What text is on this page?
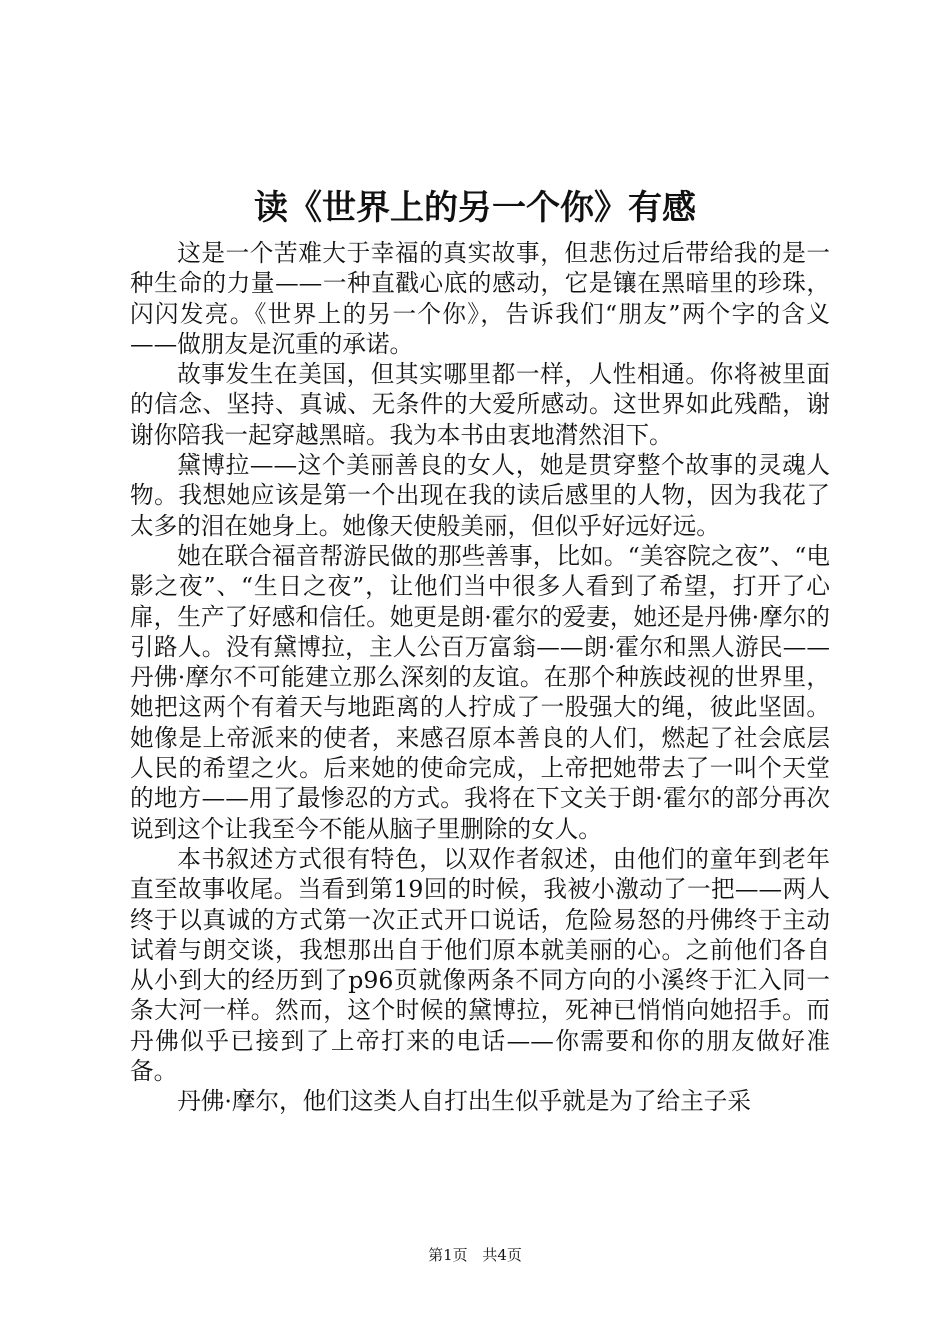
读《世界上的另一个你》有感

这是一个苦难大于幸福的真实故事，但悲伤过后带给我的是一种生命的力量——一种直戳心底的感动，它是镶在黑暗里的珍珠，闪闪发亮。《世界上的另一个你》，告诉我们“朋友”两个字的含义——做朋友是沉重的承诺。

故事发生在美国，但其实哪里都一样，人性相通。你将被里面的信念、坚持、真诚、无条件的大爱所感动。这世界如此残酷，谢谢你陪我一起穿越黑暗。我为本书由衷地潸然泪下。

黛博拉——这个美丽善良的女人，她是贯穿整个故事的灵魂人物。我想她应该是第一个出现在我的读后感里的人物，因为我花了太多的泪在她身上。她像天使般美丽，但似乎好远好远。

她在联合福音帮游民做的那些善事，比如。“美容院之夜”、“电影之夜”、“生日之夜”，让他们当中很多人看到了希望，打开了心扉，生产了好感和信任。她更是朗·霍尔的爱妻，她还是丹佛·摩尔的引路人。没有黛博拉，主人公百万富翁——朗·霍尔和黑人游民——丹佛·摩尔不可能建立那么深刻的友谊。在那个种族歧视的世界里，她把这两个有着天与地距离的人拧成了一股强大的绳，彼此坚固。她像是上帝派来的使者，来感召原本善良的人们，燃起了社会底层人民的希望之火。后来她的使命完成，上帝把她带去了一叫个天堂的地方——用了最惨忍的方式。我将在下文关于朗·霍尔的部分再次说到这个让我至今不能从脑子里删除的女人。

本书叙述方式很有特色，以双作者叙述，由他们的童年到老年直至故事收尾。当看到第19回的时候，我被小激动了一把——两人终于以真诚的方式第一次正式开口说话，危险易怒的丹佛终于主动试着与朗交谈，我想那出自于他们原本就美丽的心。之前他们各自从小到大的经历到了p96页就像两条不同方向的小溪终于汇入同一条大河一样。然而，这个时候的黛博拉，死神已悄悄向她招手。而丹佛似乎已接到了上帝打来的电话——你需要和你的朋友做好准备。

丹佛·摩尔，他们这类人自打出生似乎就是为了给主子采

第1页 共4页
